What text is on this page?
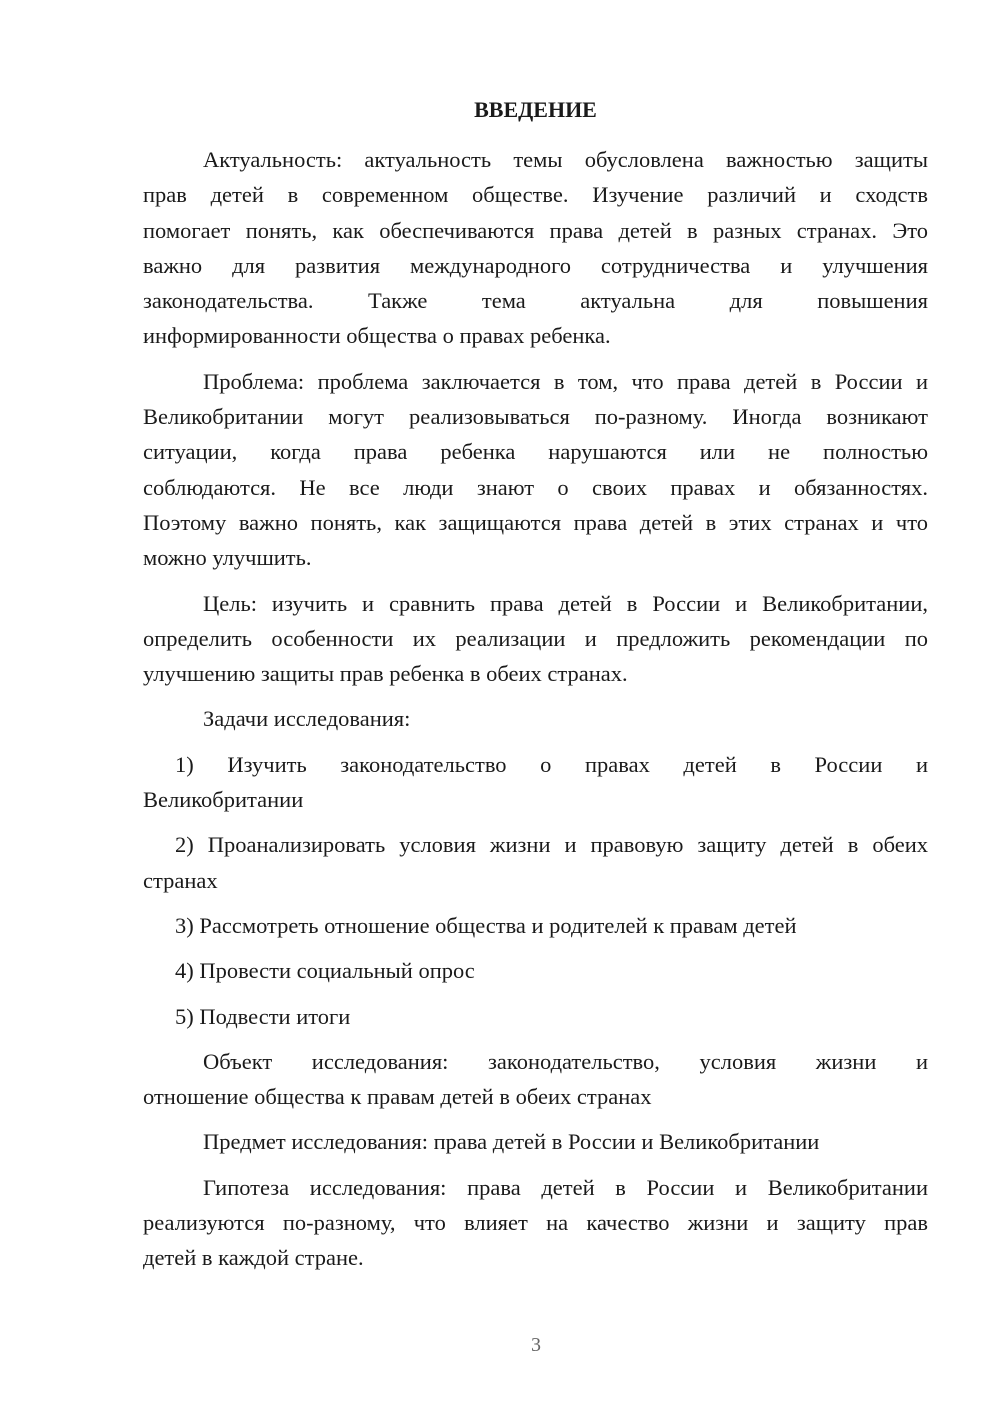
ВВЕДЕНИЕ
Актуальность: актуальность темы обусловлена важностью защиты
прав детей в современном обществе. Изучение различий и сходств
помогает понять, как обеспечиваются права детей в разных странах. Это
важно для развития международного сотрудничества и улучшения
законодательства. Также тема актуальна для повышения
информированности общества о правах ребенка.
Проблема: проблема заключается в том, что права детей в России и
Великобритании могут реализовываться по-разному. Иногда возникают
ситуации, когда права ребенка нарушаются или не полностью
соблюдаются. Не все люди знают о своих правах и обязанностях.
Поэтому важно понять, как защищаются права детей в этих странах и что
можно улучшить.
Цель: изучить и сравнить права детей в России и Великобритании,
определить особенности их реализации и предложить рекомендации по
улучшению защиты прав ребенка в обеих странах.
Задачи исследования:
1) Изучить законодательство о правах детей в России и
Великобритании
2) Проанализировать условия жизни и правовую защиту детей в обеих
странах
3) Рассмотреть отношение общества и родителей к правам детей
4) Провести социальный опрос
5) Подвести итоги
Объект исследования: законодательство, условия жизни и
отношение общества к правам детей в обеих странах
Предмет исследования: права детей в России и Великобритании
Гипотеза исследования: права детей в России и Великобритании
реализуются по-разному, что влияет на качество жизни и защиту прав
детей в каждой стране.
3
